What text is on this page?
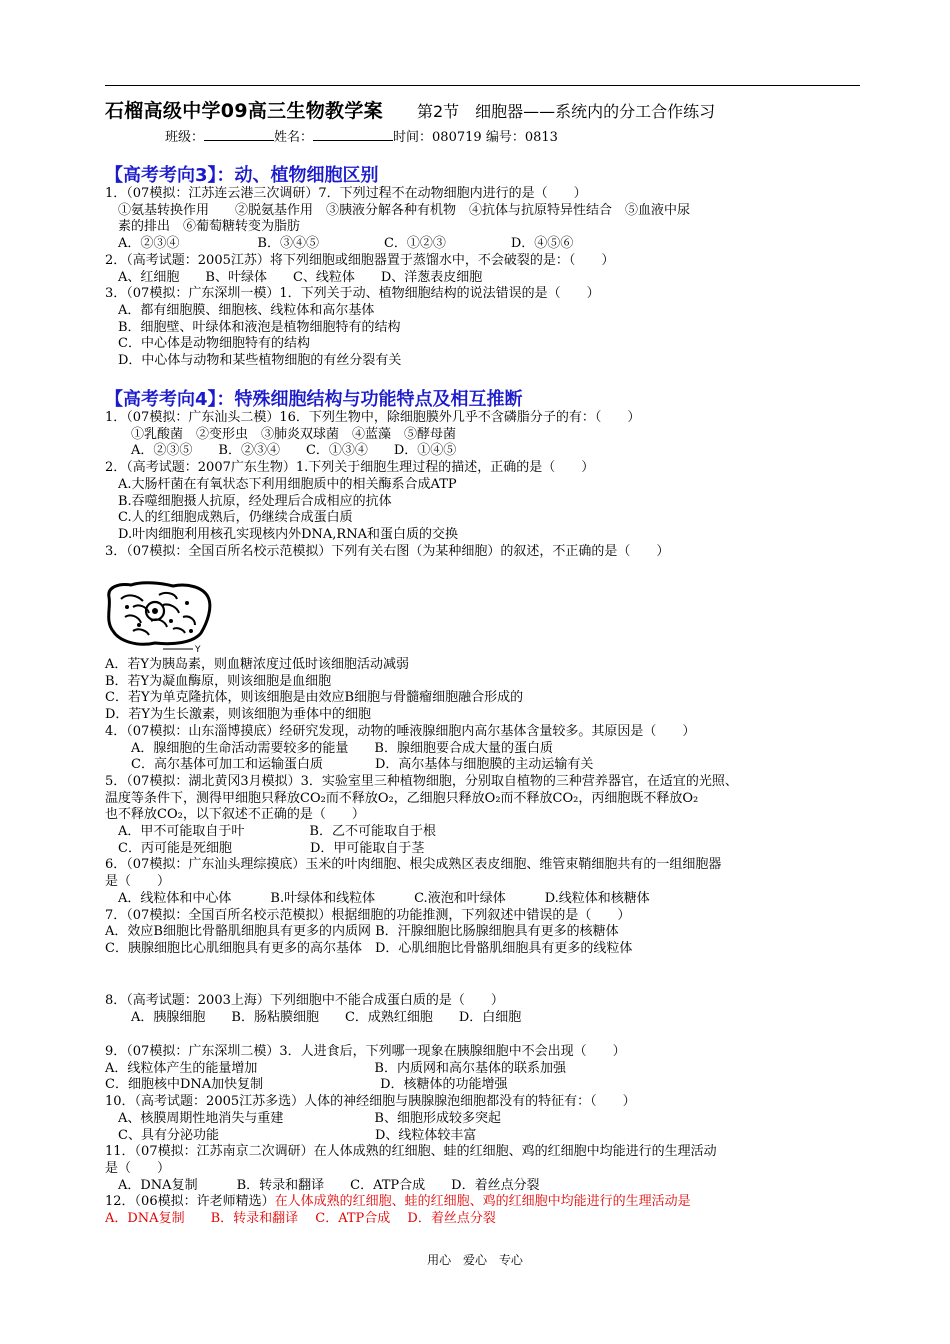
石榴高级中学09高三生物教学案 第2节　细胞器——系统内的分工合作练习
班级：	姓名：	时间：080719 编号：0813
【高考考向3】：动、植物细胞区别
1．（07模拟：江苏连云港三次调研）7．下列过程不在动物细胞内进行的是（　　）
　①氨基转换作用　　②脱氨基作用　③胰液分解各种有机物　④抗体与抗原特异性结合　⑤血液中尿
　素的排出　⑥葡萄糖转变为脂肪
　A．②③④　　　　　　B．③④⑤　　　　　C．①②③　　　　　D．④⑤⑥
2．（高考试题：2005江苏）将下列细胞或细胞器置于蒸馏水中，不会破裂的是：（　　）
　A、红细胞　　B、叶绿体　　C、线粒体　　D、洋葱表皮细胞
3．（07模拟：广东深圳一模）1．下列关于动、植物细胞结构的说法错误的是（　　）
　A．都有细胞膜、细胞核、线粒体和高尔基体
　B．细胞壁、叶绿体和液泡是植物细胞特有的结构
　C．中心体是动物细胞特有的结构
　D．中心体与动物和某些植物细胞的有丝分裂有关
【高考考向4】：特殊细胞结构与功能特点及相互推断
1．（07模拟：广东汕头二模）16．下列生物中，除细胞膜外几乎不含磷脂分子的有：（　　）
　　①乳酸菌　②变形虫　③肺炎双球菌　④蓝藻　⑤酵母菌
　　A．②③⑤　　B．②③④　　C．①③④　　D．①④⑤
2．（高考试题：2007广东生物）1.下列关于细胞生理过程的描述，正确的是（　　）
　A.大肠杆菌在有氧状态下利用细胞质中的相关酶系合成ATP
　B.吞噬细胞摄人抗原，经处理后合成相应的抗体
　C.人的红细胞成熟后，仍继续合成蛋白质
　D.叶肉细胞利用核孔实现核内外DNA,RNA和蛋白质的交换
3．（07模拟：全国百所名校示范模拟）下列有关右图（为某种细胞）的叙述，不正确的是（　　）
Y
A．若Y为胰岛素，则血糖浓度过低时该细胞活动减弱
B．若Y为凝血酶原，则该细胞是血细胞
C．若Y为单克隆抗体，则该细胞是由效应B细胞与骨髓瘤细胞融合形成的
D．若Y为生长激素，则该细胞为垂体中的细胞
4．（07模拟：山东淄博摸底）经研究发现，动物的唾液腺细胞内高尔基体含量较多。其原因是（　　）
　　A．腺细胞的生命活动需要较多的能量　　B．腺细胞要合成大量的蛋白质
　　C．高尔基体可加工和运输蛋白质　　　　D．高尔基体与细胞膜的主动运输有关
5．（07模拟：湖北黄冈3月模拟）3．实验室里三种植物细胞，分别取自植物的三种营养器官，在适宜的光照、
温度等条件下，测得甲细胞只释放CO₂而不释放O₂，乙细胞只释放O₂而不释放CO₂，丙细胞既不释放O₂
也不释放CO₂，以下叙述不正确的是（　　）
　A．甲不可能取自于叶　　　　　B．乙不可能取自于根
　C．丙可能是死细胞　　　　　　D．甲可能取自于茎
6．（07模拟：广东汕头理综摸底）玉米的叶肉细胞、根尖成熟区表皮细胞、维管束鞘细胞共有的一组细胞器
是（　　）
　A．线粒体和中心体　　　B.叶绿体和线粒体　　　C.液泡和叶绿体　　　D.线粒体和核糖体
7．（07模拟：全国百所名校示范模拟）根据细胞的功能推测，下列叙述中错误的是（　　）
A．效应B细胞比骨骼肌细胞具有更多的内质网 B．汗腺细胞比肠腺细胞具有更多的核糖体
C．胰腺细胞比心肌细胞具有更多的高尔基体　D．心肌细胞比骨骼肌细胞具有更多的线粒体
8．（高考试题：2003上海）下列细胞中不能合成蛋白质的是（　　）
　　A．胰腺细胞　　B．肠粘膜细胞　　C．成熟红细胞　　D．白细胞
9．（07模拟：广东深圳二模）3．人进食后，下列哪一现象在胰腺细胞中不会出现（　　）
A．线粒体产生的能量增加　　　　　　　　　B．内质网和高尔基体的联系加强
C．细胞核中DNA加快复制　　　　　　　　　D．核糖体的功能增强
10．（高考试题：2005江苏多选）人体的神经细胞与胰腺腺泡细胞都没有的特征有：（　　）
　A、核膜周期性地消失与重建　　　　　　　B、细胞形成较多突起
　C、具有分泌功能　　　　　　　　　　　　D、线粒体较丰富
11．（07模拟：江苏南京二次调研）在人体成熟的红细胞、蛙的红细胞、鸡的红细胞中均能进行的生理活动
是（　　）
　A．DNA复制　　　B．转录和翻译　　C．ATP合成　　D．着丝点分裂
12．（06模拟：许老师精选）在人体成熟的红细胞、蛙的红细胞、鸡的红细胞中均能进行的生理活动是
A．DNA复制　　B．转录和翻译　 C．ATP合成　 D．着丝点分裂
用心 爱心 专心
